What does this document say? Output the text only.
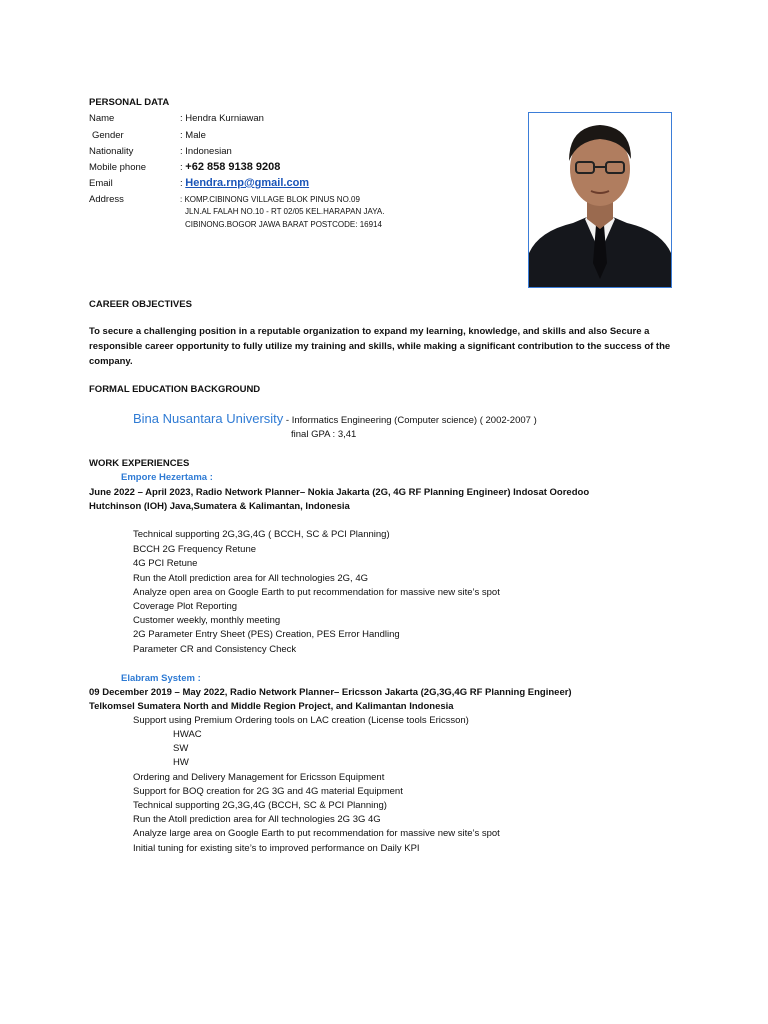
PERSONAL DATA
Name	: Hendra Kurniawan
Gender	: Male
Nationality	: Indonesian
Mobile phone	: +62 858 9138 9208
Email	: Hendra.rnp@gmail.com
Address	: KOMP.CIBINONG VILLAGE BLOK PINUS NO.09
JLN.AL FALAH NO.10 - RT 02/05 KEL.HARAPAN JAYA.
CIBINONG.BOGOR JAWA BARAT POSTCODE: 16914
CAREER OBJECTIVES
To secure a challenging position in a reputable organization to expand my learning, knowledge, and skills and also Secure a responsible career opportunity to fully utilize my training and skills, while making a significant contribution to the success of the company.
FORMAL EDUCATION BACKGROUND
Bina Nusantara University - Informatics Engineering (Computer science) ( 2002-2007 )
final GPA : 3,41
WORK EXPERIENCES
Empore Hezertama :
June 2022 – April 2023, Radio Network Planner– Nokia Jakarta (2G, 4G RF Planning Engineer) Indosat Ooredoo
Hutchinson (IOH) Java,Sumatera & Kalimantan, Indonesia
Technical supporting 2G,3G,4G ( BCCH, SC & PCI Planning)
BCCH 2G Frequency Retune
4G PCI Retune
Run the Atoll prediction area for All technologies 2G, 4G
Analyze open area on Google Earth to put recommendation for massive new site’s spot
Coverage Plot Reporting
Customer weekly, monthly meeting
2G Parameter Entry Sheet (PES) Creation, PES Error Handling
Parameter CR and Consistency Check
Elabram System :
09 December 2019 – May 2022, Radio Network Planner– Ericsson Jakarta (2G,3G,4G RF Planning Engineer)
Telkomsel Sumatera North and Middle Region Project, and Kalimantan Indonesia
Support using Premium Ordering tools on LAC creation (License tools Ericsson)
HWAC
SW
HW
Ordering and Delivery Management for Ericsson Equipment
Support for BOQ creation for 2G 3G and 4G material Equipment
Technical supporting 2G,3G,4G (BCCH, SC & PCI Planning)
Run the Atoll prediction area for All technologies 2G 3G 4G
Analyze large area on Google Earth to put recommendation for massive new site’s spot
Initial tuning for existing site’s to improved performance on Daily KPI
